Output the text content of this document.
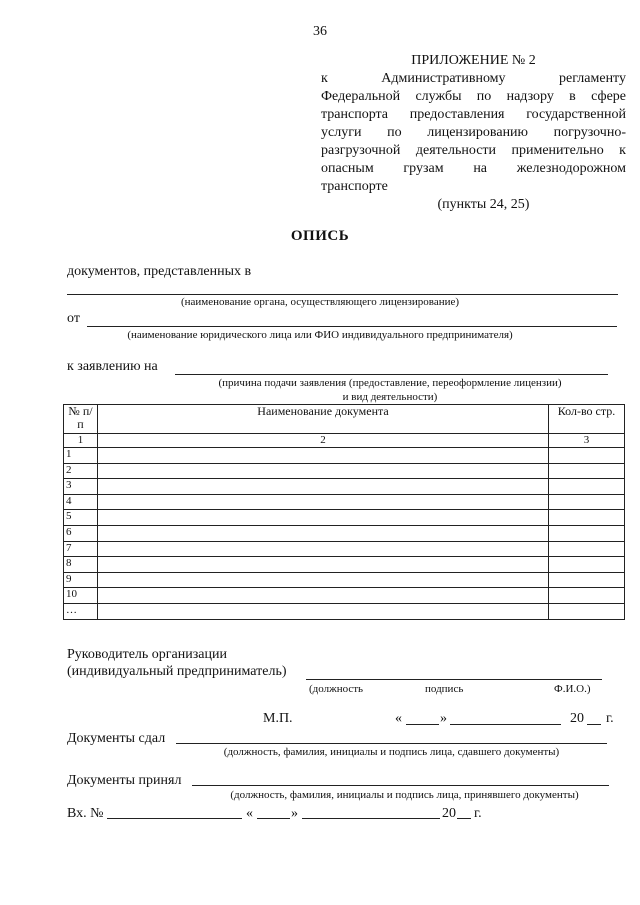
36
ПРИЛОЖЕНИЕ № 2
к Административному регламенту
Федеральной службы по надзору в сфере
транспорта предоставления государственной
услуги по лицензированию погрузочно-
разгрузочной деятельности применительно к
опасным грузам на железнодорожном
транспорте
(пункты 24, 25)
ОПИСЬ
документов, представленных в
(наименование органа, осуществляющего лицензирование)
от
(наименование юридического лица или ФИО индивидуального предпринимателя)
к заявлению на
(причина подачи заявления (предоставление, переоформление лицензии)
и вид деятельности)
№ п/п	Наименование документа	Кол-во стр.
1	2	3
1		
2		
3		
4		
5		
6		
7		
8		
9		
10		
…		
Руководитель организации
(индивидуальный предприниматель)
(должность	подпись	Ф.И.О.)
М.П.	«	»	20 г.
Документы сдал
(должность, фамилия, инициалы и подпись лица, сдавшего документы)
Документы принял
(должность, фамилия, инициалы и подпись лица, принявшего документы)
Вх. №	«	»	20 г.
